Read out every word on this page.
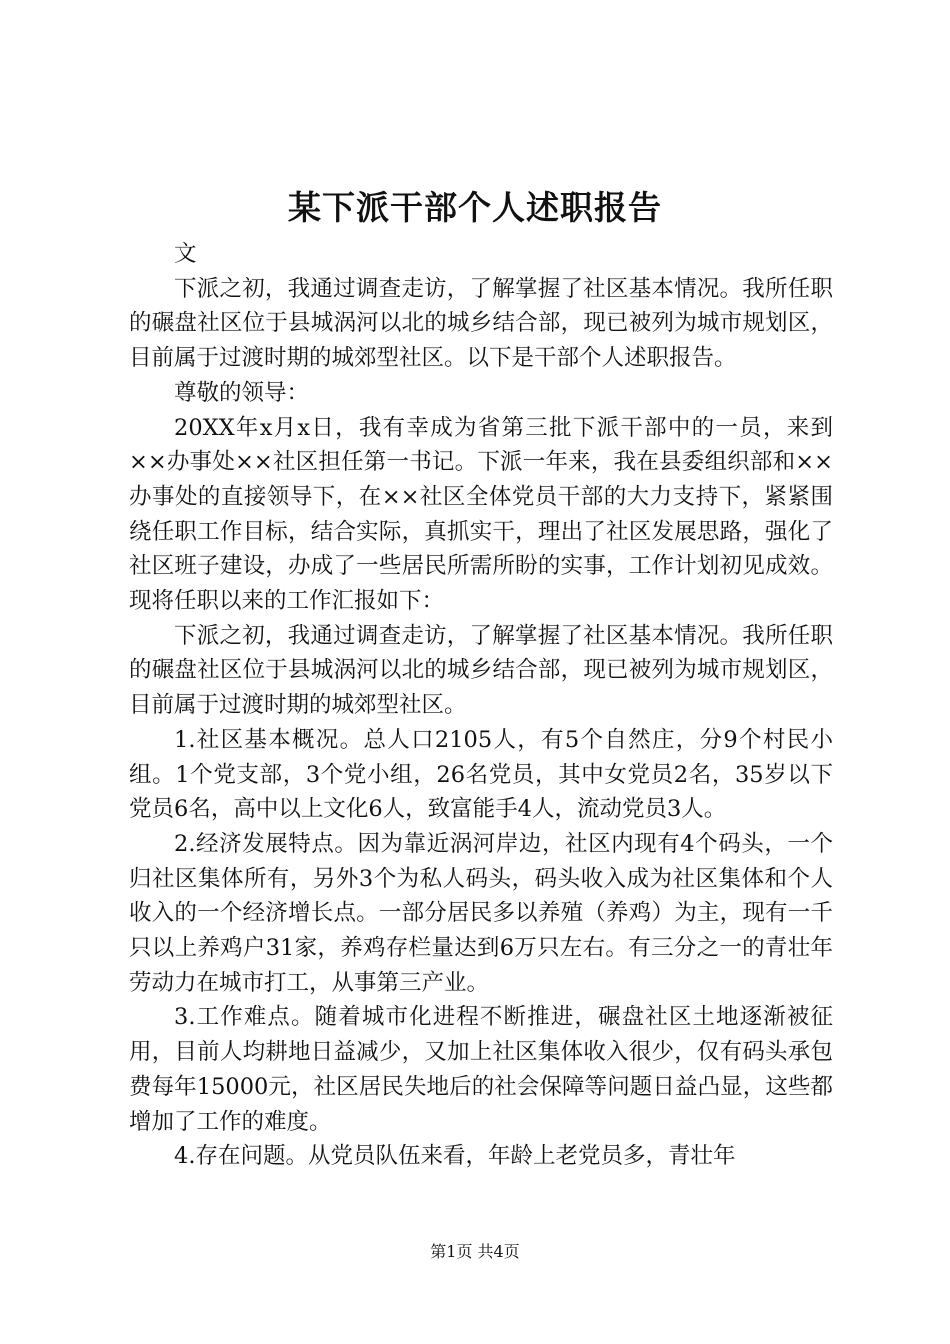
某下派干部个人述职报告

文

下派之初，我通过调查走访，了解掌握了社区基本情况。我所任职的碾盘社区位于县城涡河以北的城乡结合部，现已被列为城市规划区，目前属于过渡时期的城郊型社区。以下是干部个人述职报告。

尊敬的领导：

20XX年x月x日，我有幸成为省第三批下派干部中的一员，来到××办事处××社区担任第一书记。下派一年来，我在县委组织部和××办事处的直接领导下，在××社区全体党员干部的大力支持下，紧紧围绕任职工作目标，结合实际，真抓实干，理出了社区发展思路，强化了社区班子建设，办成了一些居民所需所盼的实事，工作计划初见成效。现将任职以来的工作汇报如下：

下派之初，我通过调查走访，了解掌握了社区基本情况。我所任职的碾盘社区位于县城涡河以北的城乡结合部，现已被列为城市规划区，目前属于过渡时期的城郊型社区。

1.社区基本概况。总人口2105人，有5个自然庄，分9个村民小组。1个党支部，3个党小组，26名党员，其中女党员2名，35岁以下党员6名，高中以上文化6人，致富能手4人，流动党员3人。

2.经济发展特点。因为靠近涡河岸边，社区内现有4个码头，一个归社区集体所有，另外3个为私人码头，码头收入成为社区集体和个人收入的一个经济增长点。一部分居民多以养殖（养鸡）为主，现有一千只以上养鸡户31家，养鸡存栏量达到6万只左右。有三分之一的青壮年劳动力在城市打工，从事第三产业。

3.工作难点。随着城市化进程不断推进，碾盘社区土地逐渐被征用，目前人均耕地日益减少，又加上社区集体收入很少，仅有码头承包费每年15000元，社区居民失地后的社会保障等问题日益凸显，这些都增加了工作的难度。

4.存在问题。从党员队伍来看，年龄上老党员多，青壮年

第1页 共4页
